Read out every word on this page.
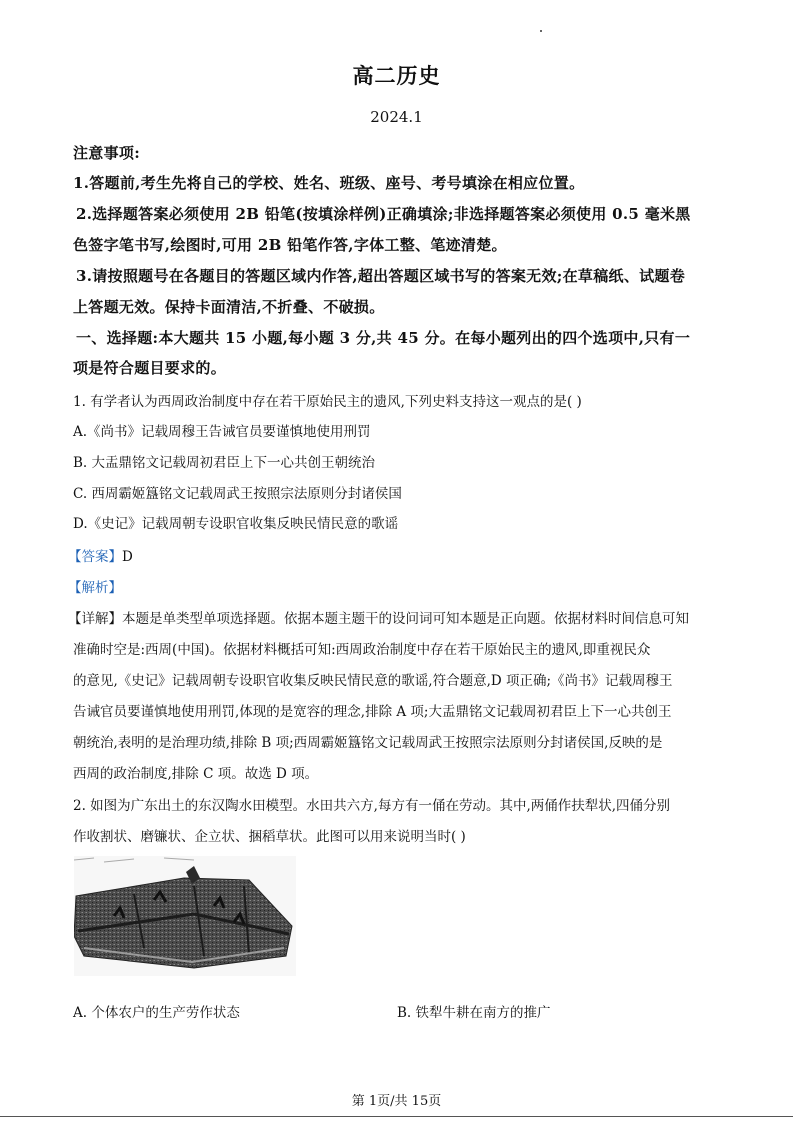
高二历史
2024.1
注意事项:
1.答题前,考生先将自己的学校、姓名、班级、座号、考号填涂在相应位置。
2.选择题答案必须使用 2B 铅笔(按填涂样例)正确填涂;非选择题答案必须使用 0.5 毫米黑
色签字笔书写,绘图时,可用 2B 铅笔作答,字体工整、笔迹清楚。
3.请按照题号在各题目的答题区域内作答,超出答题区域书写的答案无效;在草稿纸、试题卷
上答题无效。保持卡面清洁,不折叠、不破损。
一、选择题:本大题共 15 小题,每小题 3 分,共 45 分。在每小题列出的四个选项中,只有一
项是符合题目要求的。
1. 有学者认为西周政治制度中存在若干原始民主的遗风,下列史料支持这一观点的是( )
A.《尚书》记载周穆王告诫官员要谨慎地使用刑罚
B. 大盂鼎铭文记载周初君臣上下一心共创王朝统治
C. 西周霸姬簋铭文记载周武王按照宗法原则分封诸侯国
D.《史记》记载周朝专设职官收集反映民情民意的歌谣
【答案】D
【解析】
【详解】本题是单类型单项选择题。依据本题主题干的设问词可知本题是正向题。依据材料时间信息可知
准确时空是:西周(中国)。依据材料概括可知:西周政治制度中存在若干原始民主的遗风,即重视民众
的意见,《史记》记载周朝专设职官收集反映民情民意的歌谣,符合题意,D 项正确;《尚书》记载周穆王
告诫官员要谨慎地使用刑罚,体现的是宽容的理念,排除 A 项;大盂鼎铭文记载周初君臣上下一心共创王
朝统治,表明的是治理功绩,排除 B 项;西周霸姬簋铭文记载周武王按照宗法原则分封诸侯国,反映的是
西周的政治制度,排除 C 项。故选 D 项。
2. 如图为广东出土的东汉陶水田模型。水田共六方,每方有一俑在劳动。其中,两俑作扶犁状,四俑分别
作收割状、磨镰状、企立状、捆稻草状。此图可以用来说明当时( )
A. 个体农户的生产劳作状态	B. 铁犁牛耕在南方的推广
第 1页/共 15页
